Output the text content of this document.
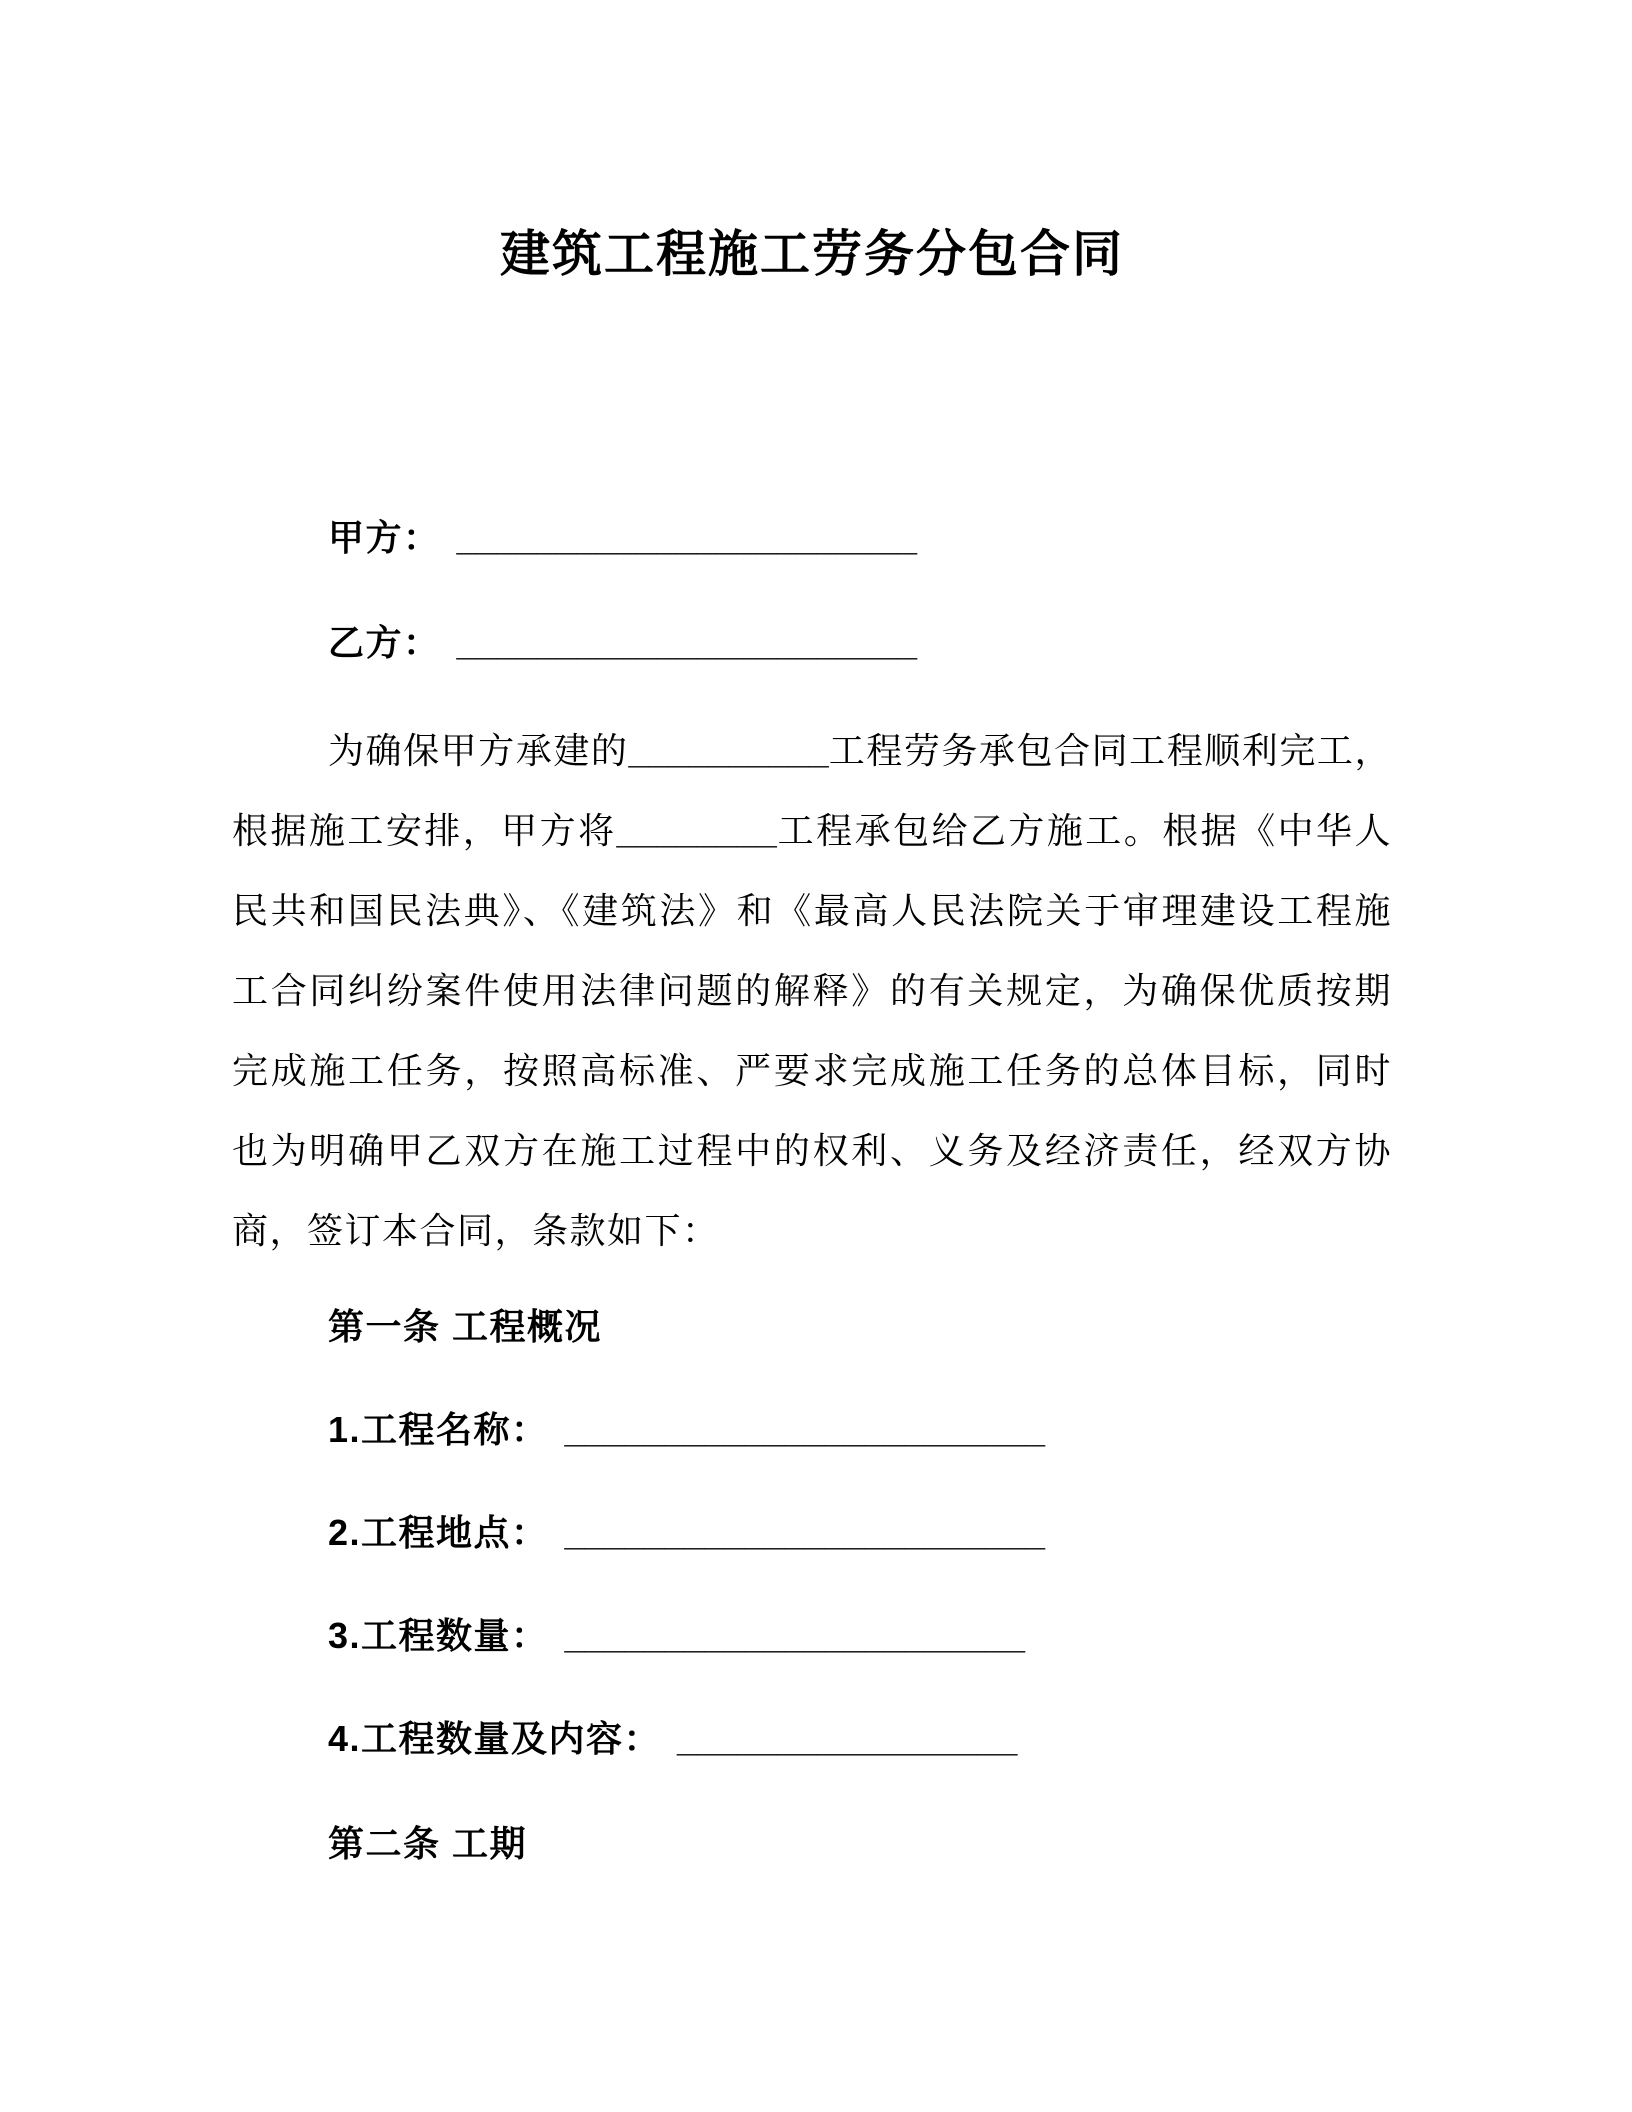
建筑工程施工劳务分包合同

甲方： _______________________

乙方： _______________________

为确保甲方承建的__________工程劳务承包合同工程顺利完工，根据施工安排，甲方将________工程承包给乙方施工。根据《中华人民共和国民法典》、《建筑法》和《最高人民法院关于审理建设工程施工合同纠纷案件使用法律问题的解释》的有关规定，为确保优质按期完成施工任务，按照高标准、严要求完成施工任务的总体目标，同时也为明确甲乙双方在施工过程中的权利、义务及经济责任，经双方协商，签订本合同，条款如下：

第一条 工程概况

1.工程名称： ________________________

2.工程地点： ________________________

3.工程数量： _______________________

4.工程数量及内容： _________________

第二条 工期
